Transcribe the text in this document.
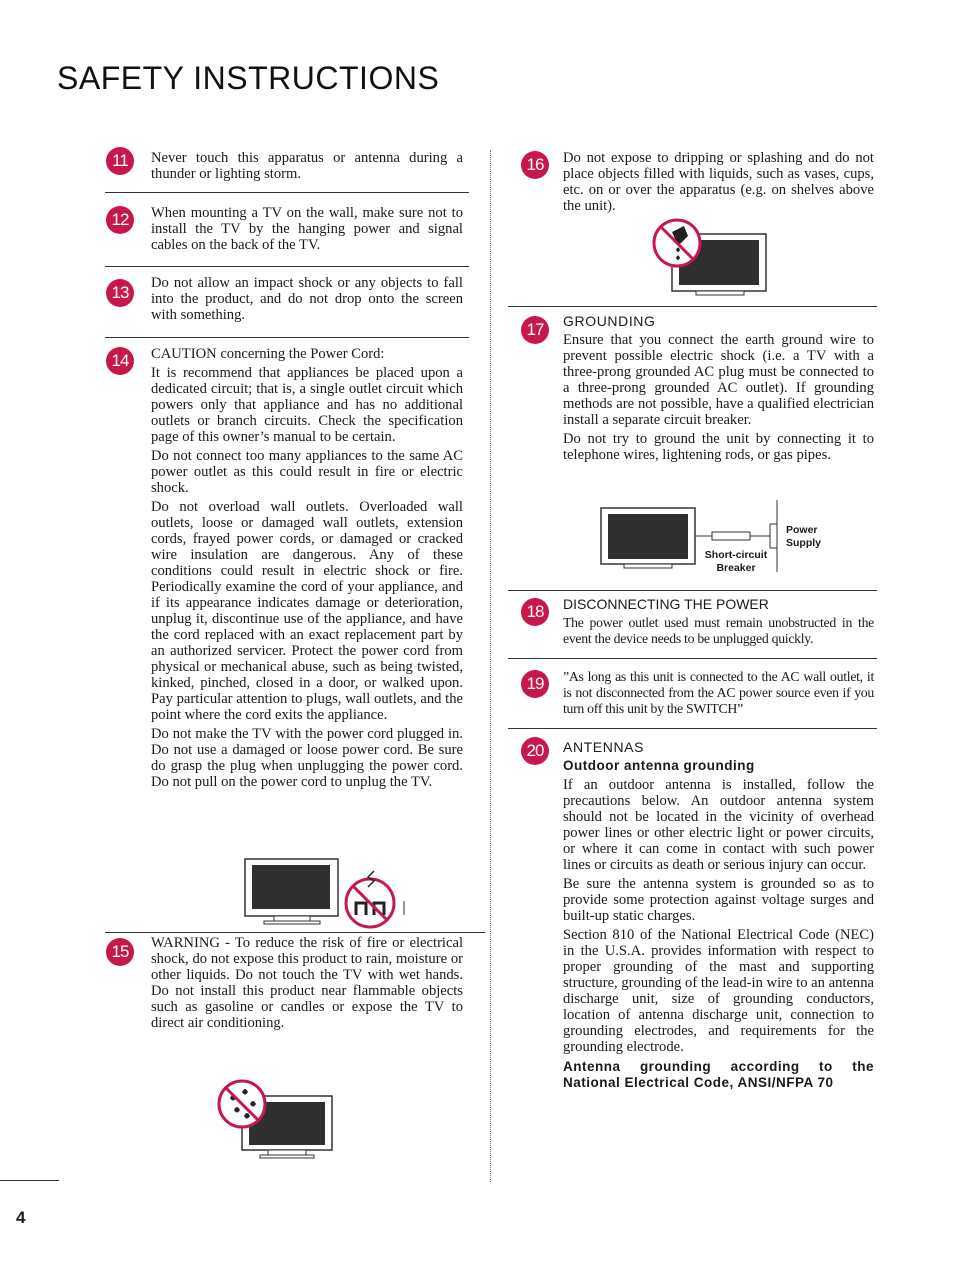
SAFETY INSTRUCTIONS
11	Never touch this apparatus or antenna during a thunder or lighting storm.

12	When mounting a TV on the wall, make sure not to install the TV by the hanging power and signal cables on the back of the TV.

13	Do not allow an impact shock or any objects to fall into the product, and do not drop onto the screen with something.

14	CAUTION concerning the Power Cord:

It is recommend that appliances be placed upon a dedicated circuit; that is, a single outlet circuit which powers only that appliance and has no additional outlets or branch circuits. Check the specification page of this owner’s manual to be certain.

Do not connect too many appliances to the same AC power outlet as this could result in fire or electric shock.

Do not overload wall outlets. Overloaded wall outlets, loose or damaged wall outlets, extension cords, frayed power cords, or damaged or cracked wire insulation are dangerous. Any of these conditions could result in electric shock or fire. Periodically examine the cord of your appliance, and if its appearance indicates damage or deterioration, unplug it, discontinue use of the appliance, and have the cord replaced with an exact replacement part by an authorized servicer. Protect the power cord from physical or mechanical abuse, such as being twisted, kinked, pinched, closed in a door, or walked upon. Pay particular attention to plugs, wall outlets, and the point where the cord exits the appliance.

Do not make the TV with the power cord plugged in. Do not use a damaged or loose power cord. Be sure do grasp the plug when unplugging the power cord. Do not pull on the power cord to unplug the TV.

15	WARNING - To reduce the risk of fire or electrical shock, do not expose this product to rain, moisture or other liquids. Do not touch the TV with wet hands. Do not install this product near flammable objects such as gasoline or candles or expose the TV to direct air conditioning.

16	Do not expose to dripping or splashing and do not place objects filled with liquids, such as vases, cups, etc. on or over the apparatus (e.g. on shelves above the unit).

17	GROUNDING

Ensure that you connect the earth ground wire to prevent possible electric shock (i.e. a TV with a three-prong grounded AC plug must be connected to a three-prong grounded AC outlet). If grounding methods are not possible, have a qualified electrician install a separate circuit breaker.

Do not try to ground the unit by connecting it to telephone wires, lightening rods, or gas pipes.

Power Supply
Short-circuit Breaker
18	DISCONNECTING THE POWER

The power outlet used must remain unobstructed in the event the device needs to be unplugged quickly.

19	”As long as this unit is connected to the AC wall outlet, it is not disconnected from the AC power source even if you turn off this unit by the SWITCH”

20	ANTENNAS

Outdoor antenna grounding

If an outdoor antenna is installed, follow the precautions below. An outdoor antenna system should not be located in the vicinity of overhead power lines or other electric light or power circuits, or where it can come in contact with such power lines or circuits as death or serious injury can occur.

Be sure the antenna system is grounded so as to provide some protection against voltage surges and built-up static charges.

Section 810 of the National Electrical Code (NEC) in the U.S.A. provides information with respect to proper grounding of the mast and supporting structure, grounding of the lead-in wire to an antenna discharge unit, size of grounding conductors, location of antenna discharge unit, connection to grounding electrodes, and requirements for the grounding electrode.

Antenna grounding according to the National Electrical Code, ANSI/NFPA 70

4
